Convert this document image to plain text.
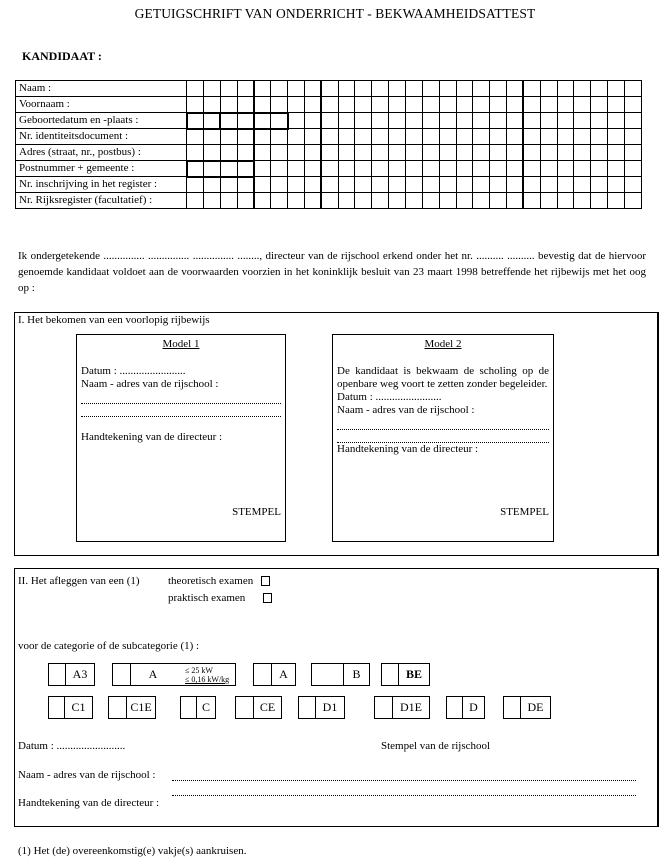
GETUIGSCHRIFT VAN ONDERRICHT - BEKWAAMHEIDSATTEST
KANDIDAAT :
Naam :																											
Voornaam :																											
Geboortedatum en -plaats :																											
Nr. identiteitsdocument :																											
Adres (straat, nr., postbus) :																											
Postnummer + gemeente :																											
Nr. inschrijving in het register :																											
Nr. Rijksregister (facultatief) :																											
Ik ondergetekende ............... ............... ............... ........, directeur van de rijschool erkend onder het nr. .......... .......... bevestig dat de hiervoor genoemde kandidaat voldoet aan de voorwaarden voorzien in het koninklijk besluit van 23 maart 1998 betreffende het rijbewijs met het oog op :
I. Het bekomen van een voorlopig rijbewijs
Model 1
Datum : ........................
Naam - adres van de rijschool :
Handtekening van de directeur :
STEMPEL
Model 2
De kandidaat is bekwaam de scholing op de openbare weg voort te zetten zonder begeleider.
Datum : ........................
Naam - adres van de rijschool :
Handtekening van de directeur :
STEMPEL
II. Het afleggen van een (1)	theoretisch examen
praktisch examen
voor de categorie of de subcategorie (1) :
A3	A	≤ 25 kW
≤ 0,16 kW/kg	A	B	BE
C1	C1E	C	CE	D1	D1E	D	DE
Datum : .........................	Stempel van de rijschool
Naam - adres van de rijschool :
Handtekening van de directeur :
(1) Het (de) overeenkomstig(e) vakje(s) aankruisen.
